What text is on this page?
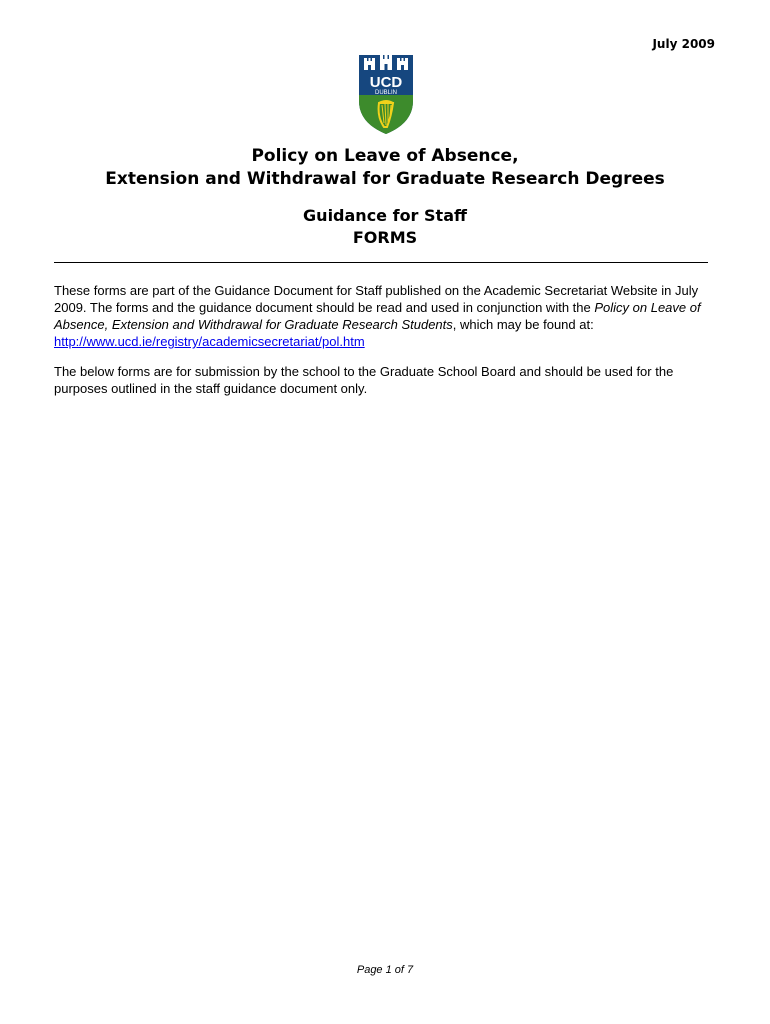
July 2009
UCD
DUBLIN
Policy on Leave of Absence,
Extension and Withdrawal for Graduate Research Degrees
Guidance for Staff
FORMS
These forms are part of the Guidance Document for Staff published on the Academic Secretariat Website in July 2009. The forms and the guidance document should be read and used in conjunction with the Policy on Leave of Absence, Extension and Withdrawal for Graduate Research Students, which may be found at:
http://www.ucd.ie/registry/academicsecretariat/pol.htm
The below forms are for submission by the school to the Graduate School Board and should be used for the purposes outlined in the staff guidance document only.
Page 1 of 7
